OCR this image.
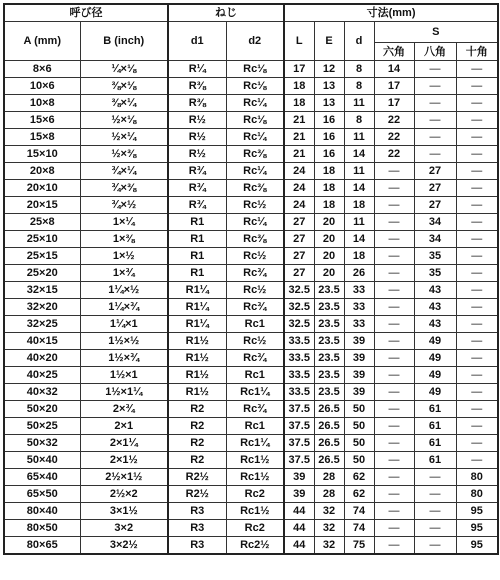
呼び径		ねじ		寸法(mm)					
A (mm)	B (inch)	d1	d2	L	E	d	S		
							六角	八角	十角
8×6	¼×⅛	R¼	Rc⅛	17	12	8	14	—	—
10×6	⅜×⅛	R⅜	Rc⅛	18	13	8	17	—	—
10×8	⅜×¼	R⅜	Rc¼	18	13	11	17	—	—
15×6	½×⅛	R½	Rc⅛	21	16	8	22	—	—
15×8	½×¼	R½	Rc¼	21	16	11	22	—	—
15×10	½×⅜	R½	Rc⅜	21	16	14	22	—	—
20×8	¾×¼	R¾	Rc¼	24	18	11	—	27	—
20×10	¾×⅜	R¾	Rc⅜	24	18	14	—	27	—
20×15	¾×½	R¾	Rc½	24	18	18	—	27	—
25×8	1×¼	R1	Rc¼	27	20	11	—	34	—
25×10	1×⅜	R1	Rc⅜	27	20	14	—	34	—
25×15	1×½	R1	Rc½	27	20	18	—	35	—
25×20	1×¾	R1	Rc¾	27	20	26	—	35	—
32×15	1¼×½	R1¼	Rc½	32.5	23.5	33	—	43	—
32×20	1¼×¾	R1¼	Rc¾	32.5	23.5	33	—	43	—
32×25	1¼×1	R1¼	Rc1	32.5	23.5	33	—	43	—
40×15	1½×½	R1½	Rc½	33.5	23.5	39	—	49	—
40×20	1½×¾	R1½	Rc¾	33.5	23.5	39	—	49	—
40×25	1½×1	R1½	Rc1	33.5	23.5	39	—	49	—
40×32	1½×1¼	R1½	Rc1¼	33.5	23.5	39	—	49	—
50×20	2×¾	R2	Rc¾	37.5	26.5	50	—	61	—
50×25	2×1	R2	Rc1	37.5	26.5	50	—	61	—
50×32	2×1¼	R2	Rc1¼	37.5	26.5	50	—	61	—
50×40	2×1½	R2	Rc1½	37.5	26.5	50	—	61	—
65×40	2½×1½	R2½	Rc1½	39	28	62	—	—	80
65×50	2½×2	R2½	Rc2	39	28	62	—	—	80
80×40	3×1½	R3	Rc1½	44	32	74	—	—	95
80×50	3×2	R3	Rc2	44	32	74	—	—	95
80×65	3×2½	R3	Rc2½	44	32	75	—	—	95
